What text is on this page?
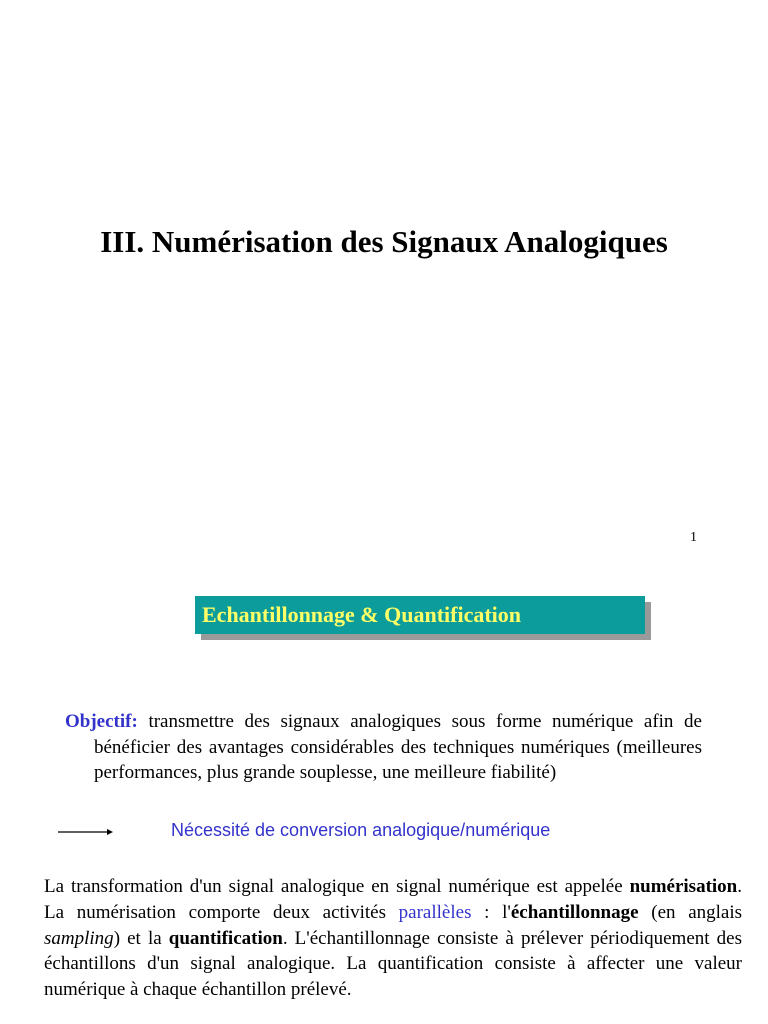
III. Numérisation des Signaux Analogiques
1
Echantillonnage & Quantification
Objectif: transmettre des signaux analogiques sous forme numérique afin de bénéficier des avantages considérables des techniques numériques (meilleures performances, plus grande souplesse, une meilleure fiabilité)
Nécessité de conversion analogique/numérique

La transformation d'un signal analogique en signal numérique est appelée numérisation. La numérisation comporte deux activités parallèles : l'échantillonnage (en anglais sampling) et la quantification. L'échantillonnage consiste à prélever périodiquement des échantillons d'un signal analogique. La quantification consiste à affecter une valeur numérique à chaque échantillon prélevé.
